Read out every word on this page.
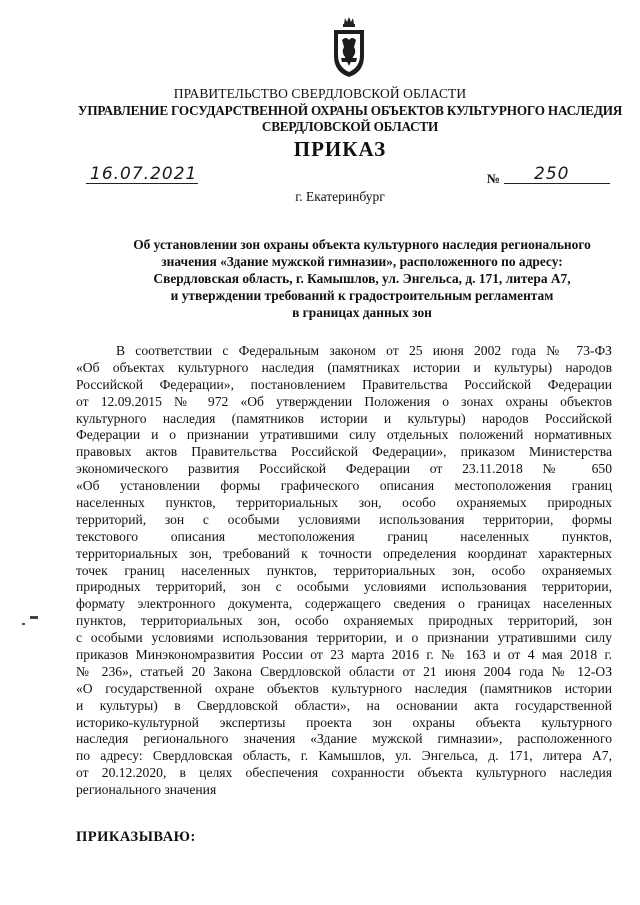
ПРАВИТЕЛЬСТВО СВЕРДЛОВСКОЙ ОБЛАСТИ
УПРАВЛЕНИЕ ГОСУДАРСТВЕННОЙ ОХРАНЫ ОБЪЕКТОВ КУЛЬТУРНОГО НАСЛЕДИЯ
СВЕРДЛОВСКОЙ ОБЛАСТИ
ПРИКАЗ
16.07.2021	№ 250
г. Екатеринбург
Об установлении зон охраны объекта культурного наследия регионального
значения «Здание мужской гимназии», расположенного по адресу:
Свердловская область, г. Камышлов, ул. Энгельса, д. 171, литера А7,
и утверждении требований к градостроительным регламентам
в границах данных зон
В соответствии с Федеральным законом от 25 июня 2002 года № 73-ФЗ
«Об объектах культурного наследия (памятниках истории и культуры) народов
Российской Федерации», постановлением Правительства Российской Федерации
от 12.09.2015 № 972 «Об утверждении Положения о зонах охраны объектов
культурного наследия (памятников истории и культуры) народов Российской
Федерации и о признании утратившими силу отдельных положений нормативных
правовых актов Правительства Российской Федерации», приказом Министерства
экономического развития Российской Федерации от 23.11.2018 № 650
«Об установлении формы графического описания местоположения границ
населенных пунктов, территориальных зон, особо охраняемых природных
территорий, зон с особыми условиями использования территории, формы
текстового описания местоположения границ населенных пунктов,
территориальных зон, требований к точности определения координат характерных
точек границ населенных пунктов, территориальных зон, особо охраняемых
природных территорий, зон с особыми условиями использования территории,
формату электронного документа, содержащего сведения о границах населенных
пунктов, территориальных зон, особо охраняемых природных территорий, зон
с особыми условиями использования территории, и о признании утратившими силу
приказов Минэкономразвития России от 23 марта 2016 г. № 163 и от 4 мая 2018 г.
№ 236», статьей 20 Закона Свердловской области от 21 июня 2004 года № 12-ОЗ
«О государственной охране объектов культурного наследия (памятников истории
и культуры) в Свердловской области», на основании акта государственной
историко-культурной экспертизы проекта зон охраны объекта культурного
наследия регионального значения «Здание мужской гимназии», расположенного
по адресу: Свердловская область, г. Камышлов, ул. Энгельса, д. 171, литера А7,
от 20.12.2020, в целях обеспечения сохранности объекта культурного наследия
регионального значения
ПРИКАЗЫВАЮ:
